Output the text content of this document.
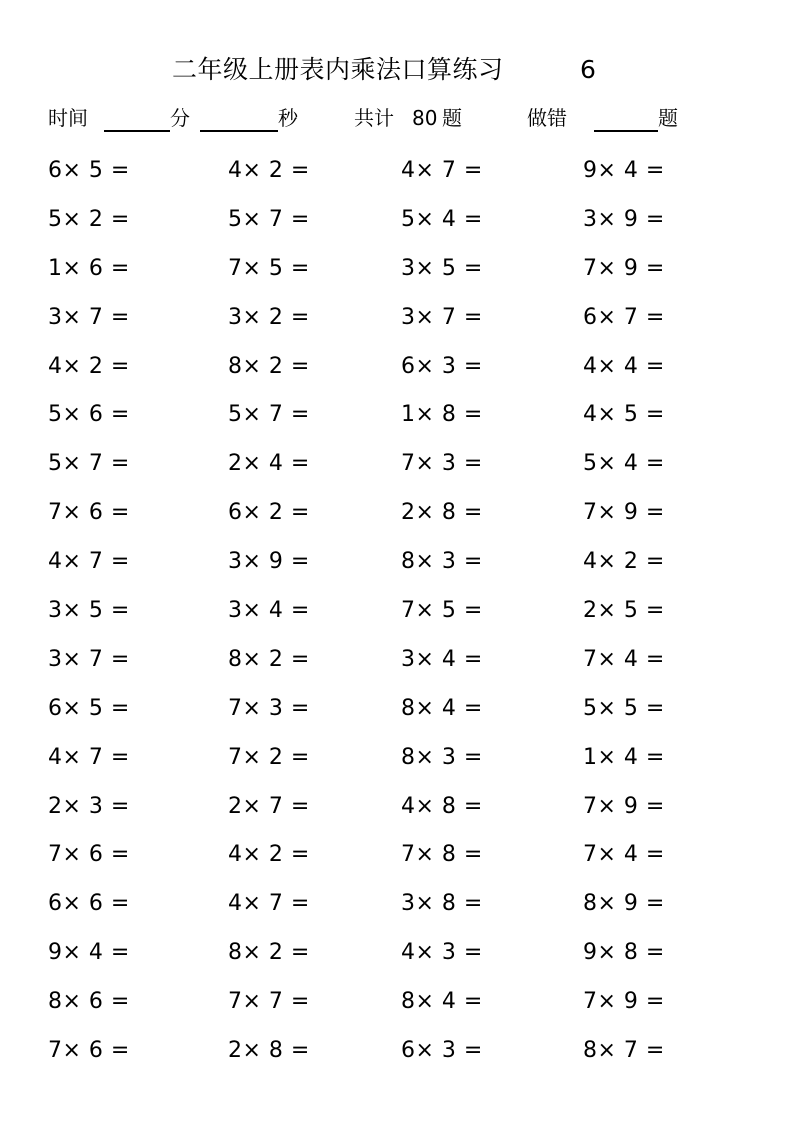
二年级上册表内乘法口算练习	6
时间	分	秒	共计 80 题	做错	题
6× 5 =	4× 2 =	4× 7 =	9× 4 =
5× 2 =	5× 7 =	5× 4 =	3× 9 =
1× 6 =	7× 5 =	3× 5 =	7× 9 =
3× 7 =	3× 2 =	3× 7 =	6× 7 =
4× 2 =	8× 2 =	6× 3 =	4× 4 =
5× 6 =	5× 7 =	1× 8 =	4× 5 =
5× 7 =	2× 4 =	7× 3 =	5× 4 =
7× 6 =	6× 2 =	2× 8 =	7× 9 =
4× 7 =	3× 9 =	8× 3 =	4× 2 =
3× 5 =	3× 4 =	7× 5 =	2× 5 =
3× 7 =	8× 2 =	3× 4 =	7× 4 =
6× 5 =	7× 3 =	8× 4 =	5× 5 =
4× 7 =	7× 2 =	8× 3 =	1× 4 =
2× 3 =	2× 7 =	4× 8 =	7× 9 =
7× 6 =	4× 2 =	7× 8 =	7× 4 =
6× 6 =	4× 7 =	3× 8 =	8× 9 =
9× 4 =	8× 2 =	4× 3 =	9× 8 =
8× 6 =	7× 7 =	8× 4 =	7× 9 =
7× 6 =	2× 8 =	6× 3 =	8× 7 =
